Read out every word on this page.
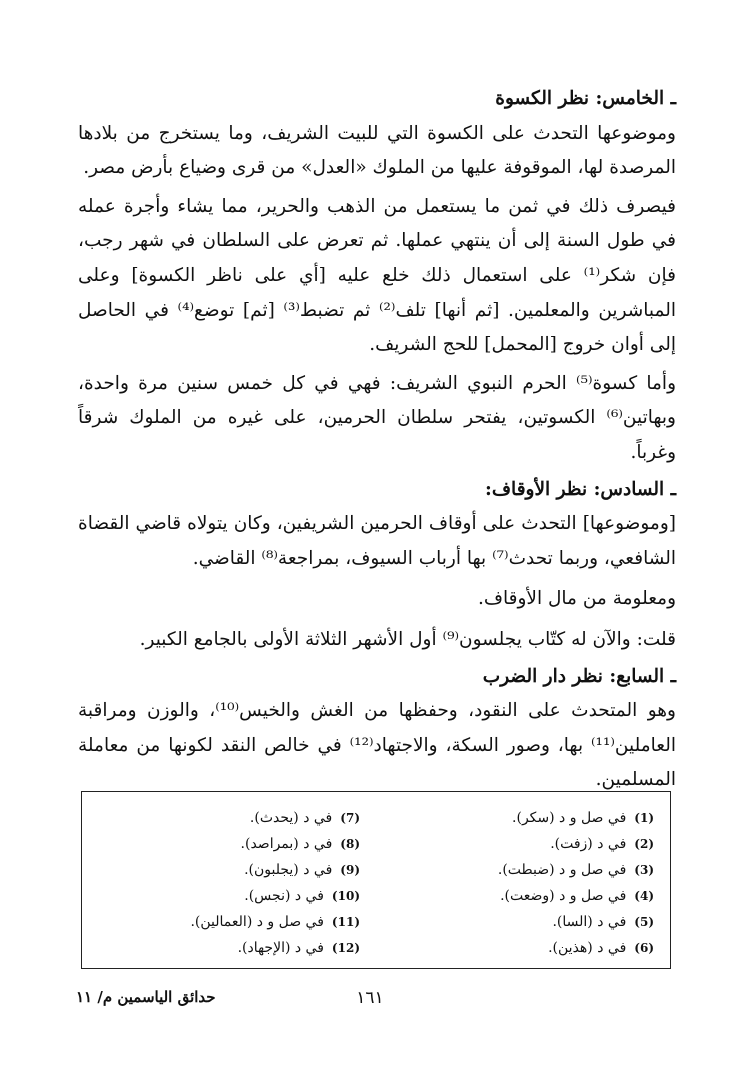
ـ الخامس: نظر الكسوة

وموضوعها التحدث على الكسوة التي للبيت الشريف، وما يستخرج من بلادها المرصدة لها، الموقوفة عليها من الملوك «العدل» من قرى وضياع بأرض مصر.

فيصرف ذلك في ثمن ما يستعمل من الذهب والحرير، مما يشاء وأجرة عمله في طول السنة إلى أن ينتهي عملها. ثم تعرض على السلطان في شهر رجب، فإن شكر⁽¹⁾ على استعمال ذلك خلع عليه [أي على ناظر الكسوة] وعلى المباشرين والمعلمين. [ثم أنها] تلف⁽²⁾ ثم تضبط⁽³⁾ [ثم] توضع⁽⁴⁾ في الحاصل إلى أوان خروج [المحمل] للحج الشريف.

وأما كسوة⁽⁵⁾ الحرم النبوي الشريف: فهي في كل خمس سنين مرة واحدة، وبهاتين⁽⁶⁾ الكسوتين، يفتحر سلطان الحرمين، على غيره من الملوك شرقاً وغرباً.

ـ السادس: نظر الأوقاف:

[وموضوعها] التحدث على أوقاف الحرمين الشريفين، وكان يتولاه قاضي القضاة الشافعي، وربما تحدث⁽⁷⁾ بها أرباب السيوف، بمراجعة⁽⁸⁾ القاضي.

ومعلومة من مال الأوقاف.

قلت: والآن له كتّاب يجلسون⁽⁹⁾ أول الأشهر الثلاثة الأولى بالجامع الكبير.

ـ السابع: نظر دار الضرب

وهو المتحدث على النقود، وحفظها من الغش والخيس⁽¹⁰⁾، والوزن ومراقبة العاملين⁽¹¹⁾ بها، وصور السكة، والاجتهاد⁽¹²⁾ في خالص النقد لكونها من معاملة المسلمين.

(1)في صل و د (سكر).
(2)في د (زفت).
(3)في صل و د (ضبطت).
(4)في صل و د (وضعت).
(5)في د (السا).
(6)في د (هذين).
(7)في د (يحدث).
(8)في د (بمراصد).
(9)في د (يجلبون).
(10)في د (نجس).
(11)في صل و د (العمالين).
(12)في د (الإجهاد).
١٦١
حدائق الياسمين م/ ١١
